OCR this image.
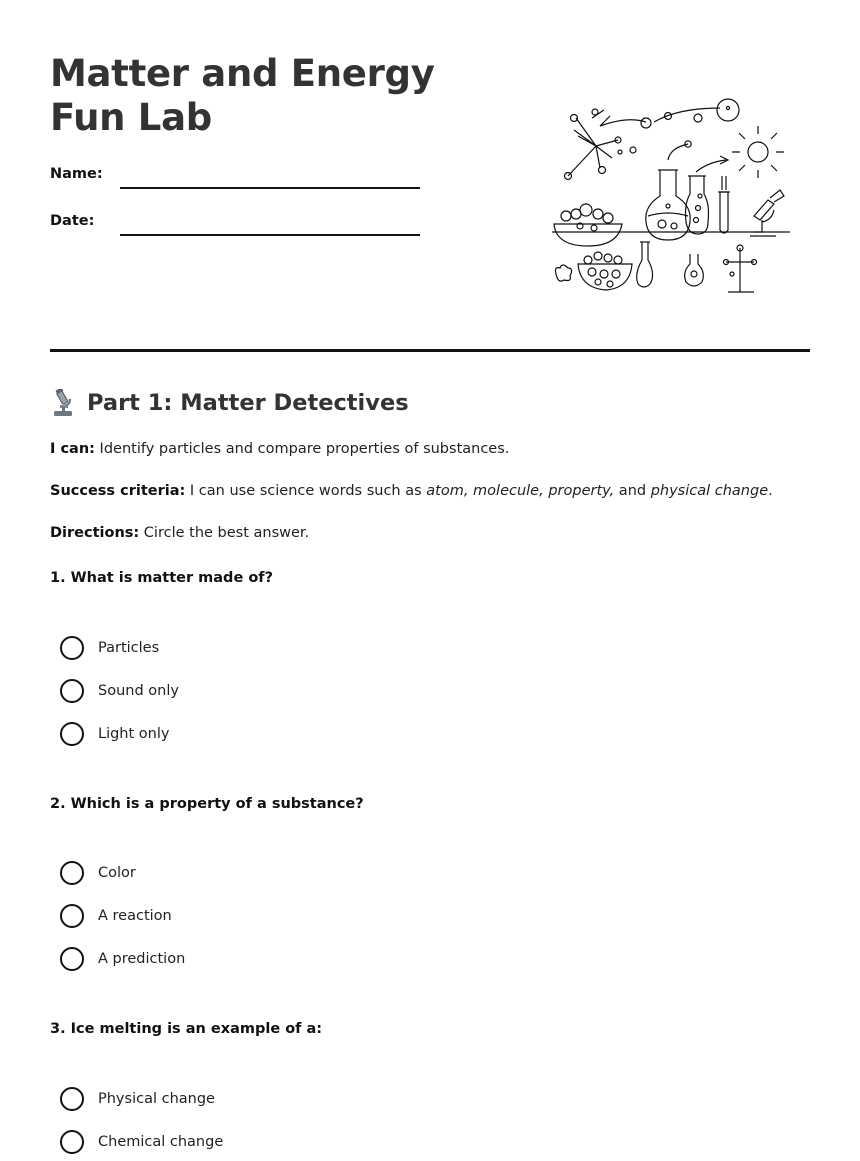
Matter and Energy Fun Lab
Name:
Date:
Part 1: Matter Detectives
I can: Identify particles and compare properties of substances.
Success criteria: I can use science words such as atom, molecule, property, and physical change.
Directions: Circle the best answer.
1. What is matter made of?
Particles
Sound only
Light only
2. Which is a property of a substance?
Color
A reaction
A prediction
3. Ice melting is an example of a:
Physical change
Chemical change
